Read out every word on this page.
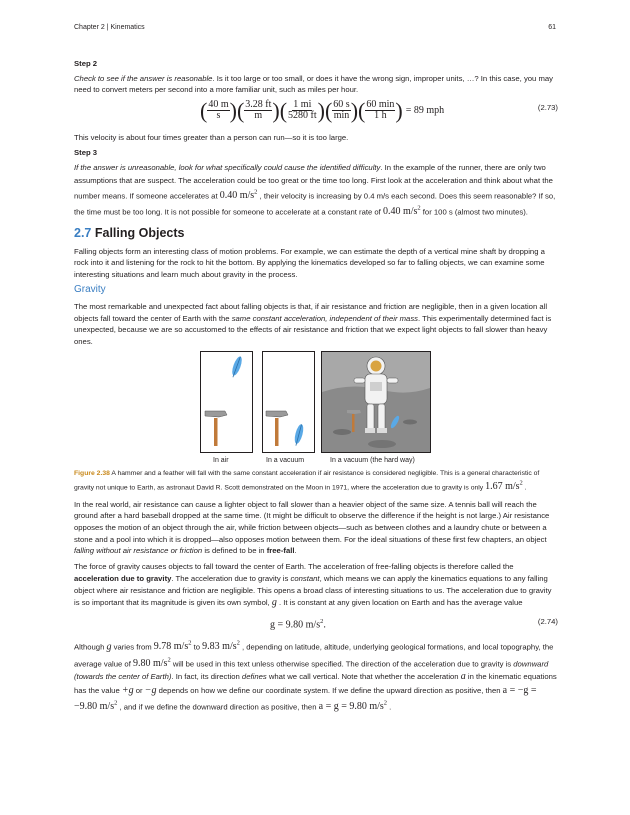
Chapter 2 | Kinematics	61
Step 2

Check to see if the answer is reasonable. Is it too large or too small, or does it have the wrong sign, improper units, …? In this case, you may need to convert meters per second into a more familiar unit, such as miles per hour.

( $\frac{40 m}{s}$ ) ( $\frac{3.28 ft}{m}$ ) ( $\frac{1 mi}{5280 ft}$ ) ( $\frac{60 s}{\min}$ ) ( $\frac{60 \min}{1 h}$ ) = 89 mph	(2.73)

This velocity is about four times greater than a person can run—so it is too large.

Step 3

If the answer is unreasonable, look for what specifically could cause the identified difficulty. In the example of the runner, there are only two assumptions that are suspect. The acceleration could be too great or the time too long. First look at the acceleration and think about what the number means. If someone accelerates at 0.40 $m/s^2$ , their velocity is increasing by 0.4 m/s each second. Does this seem reasonable? If so, the time must be too long. It is not possible for someone to accelerate at a constant rate of 0.40 $m/s^2$ for 100 s (almost two minutes).

2.7 Falling Objects

Falling objects form an interesting class of motion problems. For example, we can estimate the depth of a vertical mine shaft by dropping a rock into it and listening for the rock to hit the bottom. By applying the kinematics developed so far to falling objects, we can examine some interesting situations and learn much about gravity in the process.

Gravity

The most remarkable and unexpected fact about falling objects is that, if air resistance and friction are negligible, then in a given location all objects fall toward the center of Earth with the same constant acceleration, independent of their mass. This experimentally determined fact is unexpected, because we are so accustomed to the effects of air resistance and friction that we expect light objects to fall slower than heavy ones.

In air	In a vacuum	In a vacuum (the hard way)

Figure 2.38 A hammer and a feather will fall with the same constant acceleration if air resistance is considered negligible. This is a general characteristic of gravity not unique to Earth, as astronaut David R. Scott demonstrated on the Moon in 1971, where the acceleration due to gravity is only 1.67 $m/s^2$ .

In the real world, air resistance can cause a lighter object to fall slower than a heavier object of the same size. A tennis ball will reach the ground after a hard baseball dropped at the same time. (It might be difficult to observe the difference if the height is not large.) Air resistance opposes the motion of an object through the air, while friction between objects—such as between clothes and a laundry chute or between a stone and a pool into which it is dropped—also opposes motion between them. For the ideal situations of these first few chapters, an object falling without air resistance or friction is defined to be in free-fall.

The force of gravity causes objects to fall toward the center of Earth. The acceleration of free-falling objects is therefore called the acceleration due to gravity. The acceleration due to gravity is constant, which means we can apply the kinematics equations to any falling object where air resistance and friction are negligible. This opens a broad class of interesting situations to us. The acceleration due to gravity is so important that its magnitude is given its own symbol, g . It is constant at any given location on Earth and has the average value

g = 9.80 $m/s^2$.	(2.74)

Although g varies from 9.78 $m/s^2$ to 9.83 $m/s^2$ , depending on latitude, altitude, underlying geological formations, and local topography, the average value of 9.80 $m/s^2$ will be used in this text unless otherwise specified. The direction of the acceleration due to gravity is downward (towards the center of Earth). In fact, its direction defines what we call vertical. Note that whether the acceleration a in the kinematic equations has the value +g or −g depends on how we define our coordinate system. If we define the upward direction as positive, then a = −g = −9.80 $m/s^2$ , and if we define the downward direction as positive, then a = g = 9.80 $m/s^2$ .
